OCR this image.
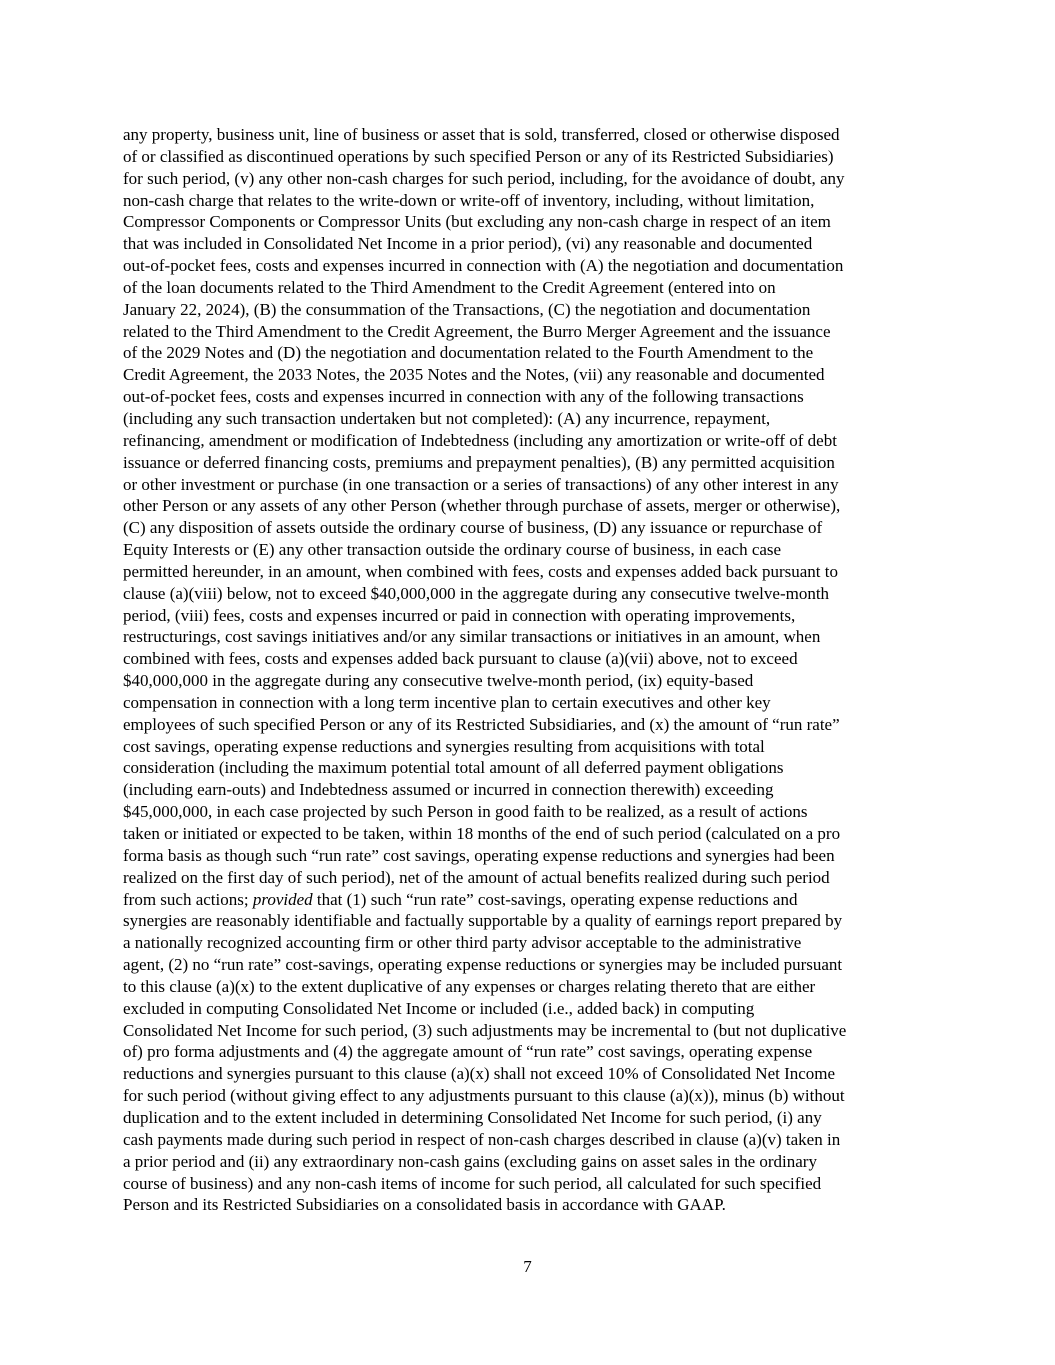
any property, business unit, line of business or asset that is sold, transferred, closed or otherwise disposed
of or classified as discontinued operations by such specified Person or any of its Restricted Subsidiaries)
for such period, (v) any other non-cash charges for such period, including, for the avoidance of doubt, any
non-cash charge that relates to the write-down or write-off of inventory, including, without limitation,
Compressor Components or Compressor Units (but excluding any non-cash charge in respect of an item
that was included in Consolidated Net Income in a prior period), (vi) any reasonable and documented
out-of-pocket fees, costs and expenses incurred in connection with (A) the negotiation and documentation
of the loan documents related to the Third Amendment to the Credit Agreement (entered into on
January 22, 2024), (B) the consummation of the Transactions, (C) the negotiation and documentation
related to the Third Amendment to the Credit Agreement, the Burro Merger Agreement and the issuance
of the 2029 Notes and (D) the negotiation and documentation related to the Fourth Amendment to the
Credit Agreement, the 2033 Notes, the 2035 Notes and the Notes, (vii) any reasonable and documented
out-of-pocket fees, costs and expenses incurred in connection with any of the following transactions
(including any such transaction undertaken but not completed): (A) any incurrence, repayment,
refinancing, amendment or modification of Indebtedness (including any amortization or write-off of debt
issuance or deferred financing costs, premiums and prepayment penalties), (B) any permitted acquisition
or other investment or purchase (in one transaction or a series of transactions) of any other interest in any
other Person or any assets of any other Person (whether through purchase of assets, merger or otherwise),
(C) any disposition of assets outside the ordinary course of business, (D) any issuance or repurchase of
Equity Interests or (E) any other transaction outside the ordinary course of business, in each case
permitted hereunder, in an amount, when combined with fees, costs and expenses added back pursuant to
clause (a)(viii) below, not to exceed $40,000,000 in the aggregate during any consecutive twelve-month
period, (viii) fees, costs and expenses incurred or paid in connection with operating improvements,
restructurings, cost savings initiatives and/or any similar transactions or initiatives in an amount, when
combined with fees, costs and expenses added back pursuant to clause (a)(vii) above, not to exceed
$40,000,000 in the aggregate during any consecutive twelve-month period, (ix) equity-based
compensation in connection with a long term incentive plan to certain executives and other key
employees of such specified Person or any of its Restricted Subsidiaries, and (x) the amount of “run rate”
cost savings, operating expense reductions and synergies resulting from acquisitions with total
consideration (including the maximum potential total amount of all deferred payment obligations
(including earn-outs) and Indebtedness assumed or incurred in connection therewith) exceeding
$45,000,000, in each case projected by such Person in good faith to be realized, as a result of actions
taken or initiated or expected to be taken, within 18 months of the end of such period (calculated on a pro
forma basis as though such “run rate” cost savings, operating expense reductions and synergies had been
realized on the first day of such period), net of the amount of actual benefits realized during such period
from such actions; provided that (1) such “run rate” cost-savings, operating expense reductions and
synergies are reasonably identifiable and factually supportable by a quality of earnings report prepared by
a nationally recognized accounting firm or other third party advisor acceptable to the administrative
agent, (2) no “run rate” cost-savings, operating expense reductions or synergies may be included pursuant
to this clause (a)(x) to the extent duplicative of any expenses or charges relating thereto that are either
excluded in computing Consolidated Net Income or included (i.e., added back) in computing
Consolidated Net Income for such period, (3) such adjustments may be incremental to (but not duplicative
of) pro forma adjustments and (4) the aggregate amount of “run rate” cost savings, operating expense
reductions and synergies pursuant to this clause (a)(x) shall not exceed 10% of Consolidated Net Income
for such period (without giving effect to any adjustments pursuant to this clause (a)(x)), minus (b) without
duplication and to the extent included in determining Consolidated Net Income for such period, (i) any
cash payments made during such period in respect of non-cash charges described in clause (a)(v) taken in
a prior period and (ii) any extraordinary non-cash gains (excluding gains on asset sales in the ordinary
course of business) and any non-cash items of income for such period, all calculated for such specified
Person and its Restricted Subsidiaries on a consolidated basis in accordance with GAAP.
7
